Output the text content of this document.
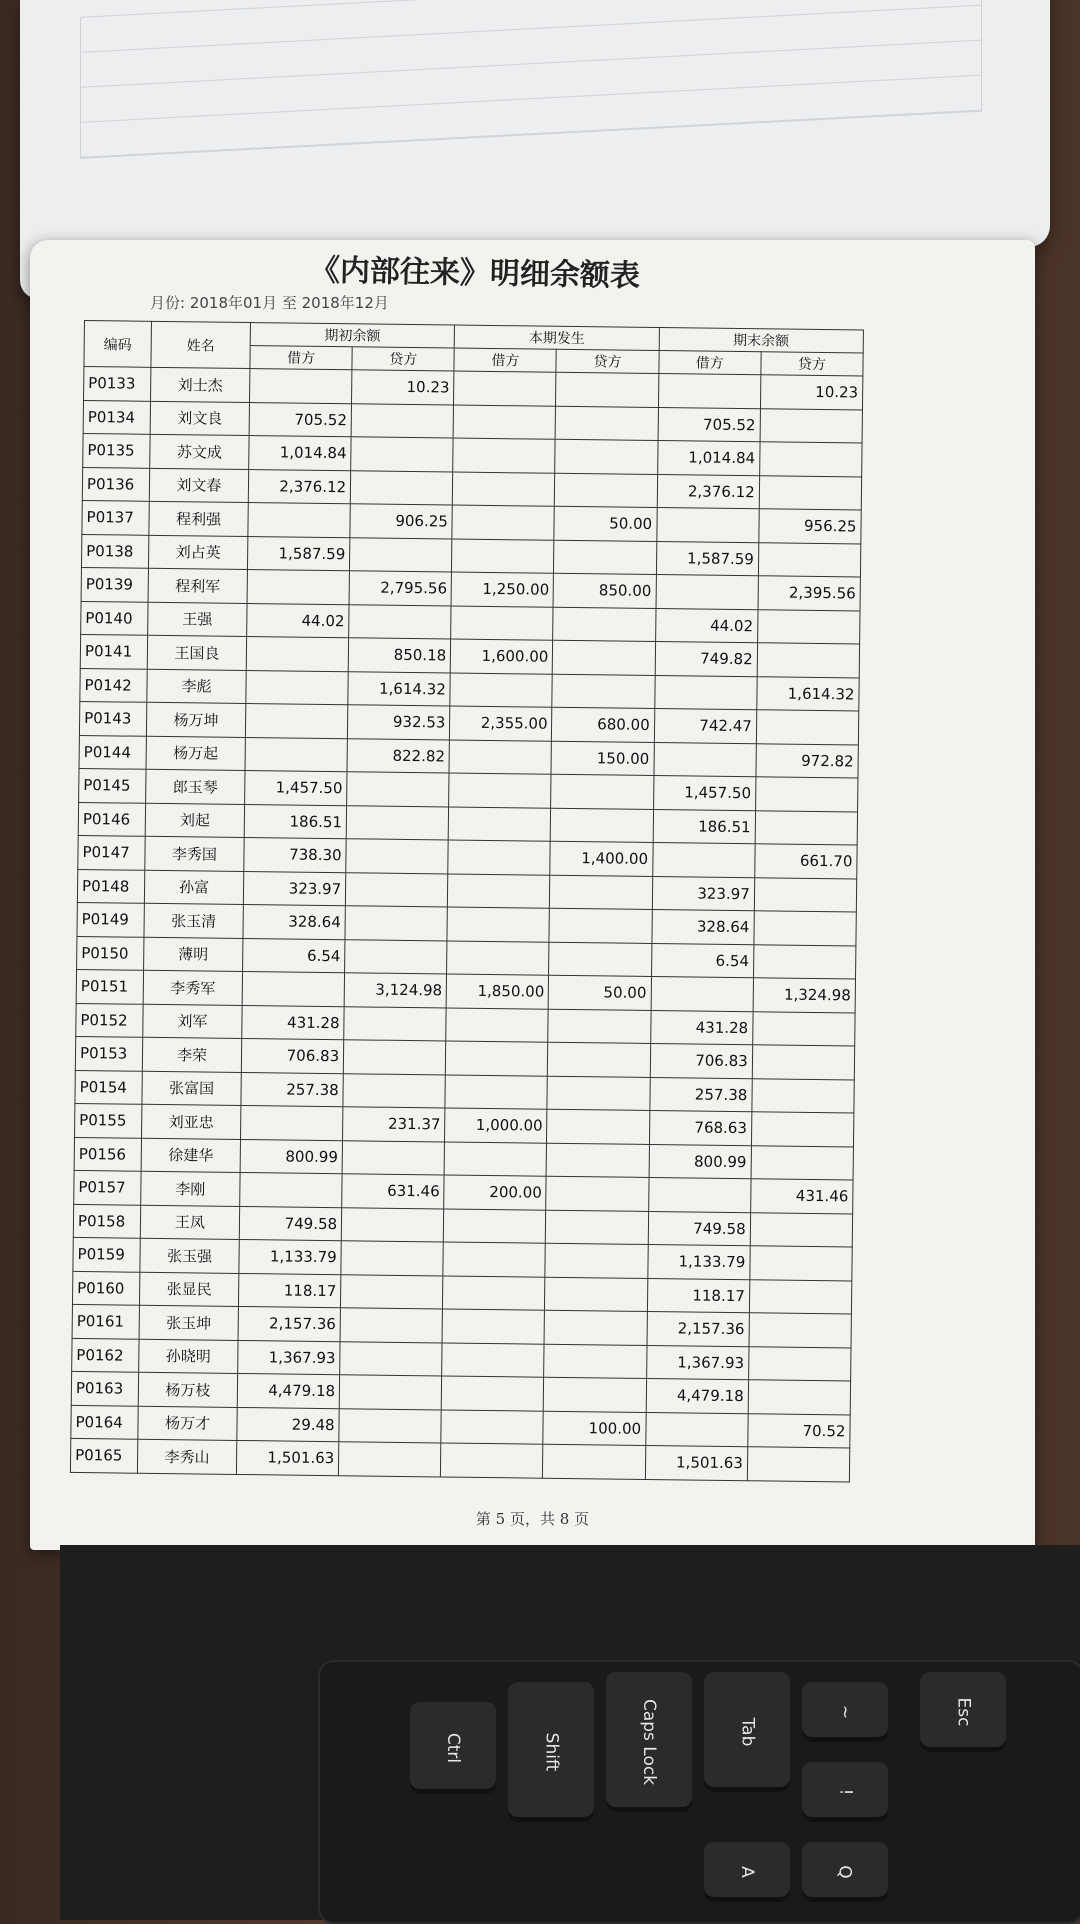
《内部往来》明细余额表
月份: 2018年01月 至 2018年12月
编码	姓名	期初余额		本期发生		期末余额	
		借方	贷方	借方	贷方	借方	贷方
P0133	刘士杰		10.23				10.23
P0134	刘文良	705.52				705.52	
P0135	苏文成	1,014.84				1,014.84	
P0136	刘文春	2,376.12				2,376.12	
P0137	程利强		906.25		50.00		956.25
P0138	刘占英	1,587.59				1,587.59	
P0139	程利军		2,795.56	1,250.00	850.00		2,395.56
P0140	王强	44.02				44.02	
P0141	王国良		850.18	1,600.00		749.82	
P0142	李彪		1,614.32				1,614.32
P0143	杨万坤		932.53	2,355.00	680.00	742.47	
P0144	杨万起		822.82		150.00		972.82
P0145	郎玉琴	1,457.50				1,457.50	
P0146	刘起	186.51				186.51	
P0147	李秀国	738.30			1,400.00		661.70
P0148	孙富	323.97				323.97	
P0149	张玉清	328.64				328.64	
P0150	薄明	6.54				6.54	
P0151	李秀军		3,124.98	1,850.00	50.00		1,324.98
P0152	刘军	431.28				431.28	
P0153	李荣	706.83				706.83	
P0154	张富国	257.38				257.38	
P0155	刘亚忠		231.37	1,000.00		768.63	
P0156	徐建华	800.99				800.99	
P0157	李刚		631.46	200.00			431.46
P0158	王凤	749.58				749.58	
P0159	张玉强	1,133.79				1,133.79	
P0160	张显民	118.17				118.17	
P0161	张玉坤	2,157.36				2,157.36	
P0162	孙晓明	1,367.93				1,367.93	
P0163	杨万枝	4,479.18				4,479.18	
P0164	杨万才	29.48			100.00		70.52
P0165	李秀山	1,501.63				1,501.63	
第 5 页，共 8 页
Ctrl	Shift	Caps Lock	Tab
~	Esc
!
Q
A
